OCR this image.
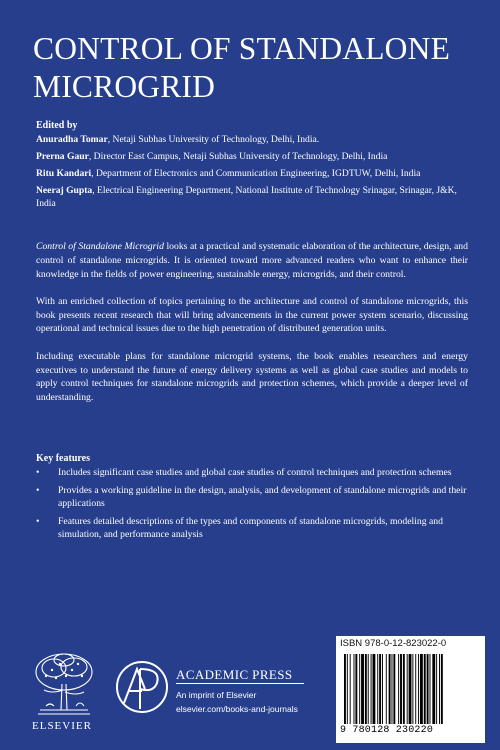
CONTROL OF STANDALONE MICROGRID
Edited by
Anuradha Tomar, Netaji Subhas University of Technology, Delhi, India.
Prerna Gaur, Director East Campus, Netaji Subhas University of Technology, Delhi, India
Ritu Kandari, Department of Electronics and Communication Engineering, IGDTUW, Delhi, India
Neeraj Gupta, Electrical Engineering Department, National Institute of Technology Srinagar, Srinagar, J&K, India

Control of Standalone Microgrid looks at a practical and systematic elaboration of the architecture, design, and control of standalone microgrids. It is oriented toward more advanced readers who want to enhance their knowledge in the fields of power engineering, sustainable energy, microgrids, and their control.

With an enriched collection of topics pertaining to the architecture and control of standalone microgrids, this book presents recent research that will bring advancements in the current power system scenario, discussing operational and technical issues due to the high penetration of distributed generation units.

Including executable plans for standalone microgrid systems, the book enables researchers and energy executives to understand the future of energy delivery systems as well as global case studies and models to apply control techniques for standalone microgrids and protection schemes, which provide a deeper level of understanding.

Key features
• Includes significant case studies and global case studies of control techniques and protection schemes
• Provides a working guideline in the design, analysis, and development of standalone microgrids and their applications
• Features detailed descriptions of the types and components of standalone microgrids, modeling and simulation, and performance analysis
ELSEVIER
ACADEMIC PRESS
An imprint of Elsevier
elsevier.com/books-and-journals
ISBN 978-0-12-823022-0
9 780128 230220
